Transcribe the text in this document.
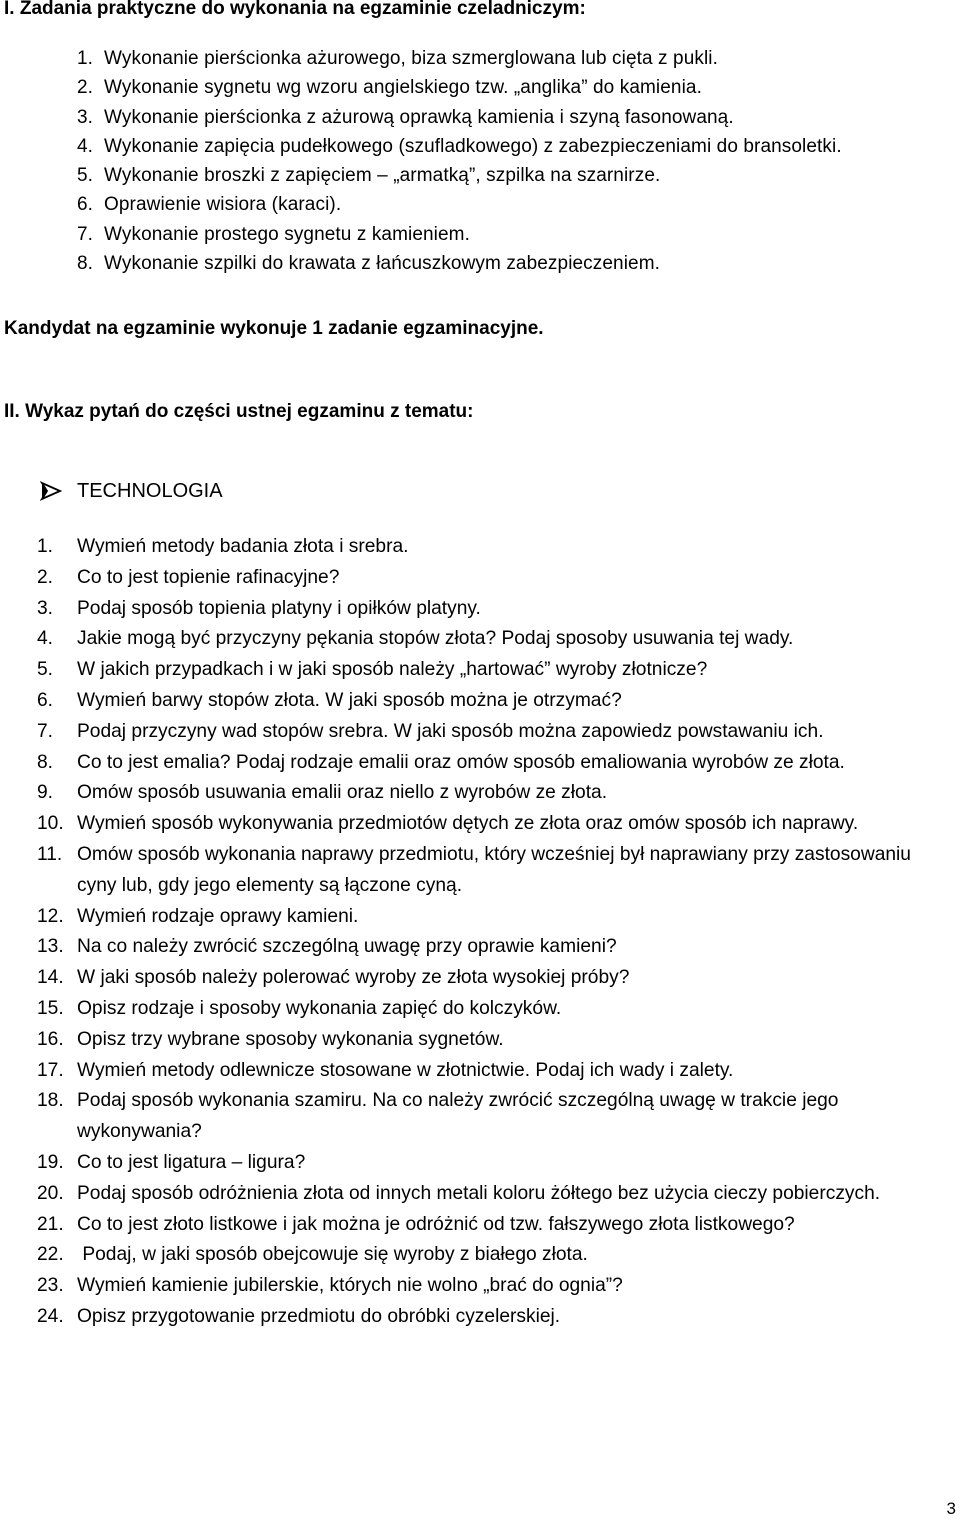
I. Zadania praktyczne do wykonania na egzaminie czeladniczym:
1. Wykonanie pierścionka ażurowego, biza szmerglowana lub cięta z pukli.
2. Wykonanie sygnetu wg wzoru angielskiego tzw. „anglika” do kamienia.
3. Wykonanie pierścionka z ażurową oprawką kamienia i szyną fasonowaną.
4. Wykonanie zapięcia pudełkowego (szufladkowego) z zabezpieczeniami do bransoletki.
5. Wykonanie broszki z zapięciem – „armatką”, szpilka na szarnirze.
6. Oprawienie wisiora (karaci).
7. Wykonanie prostego sygnetu z kamieniem.
8. Wykonanie szpilki do krawata z łańcuszkowym zabezpieczeniem.
Kandydat na egzaminie wykonuje 1 zadanie egzaminacyjne.
II. Wykaz pytań do części ustnej egzaminu z tematu:
TECHNOLOGIA
1. Wymień metody badania złota i srebra.
2. Co to jest topienie rafinacyjne?
3. Podaj sposób topienia platyny i opiłków platyny.
4. Jakie mogą być przyczyny pękania stopów złota? Podaj sposoby usuwania tej wady.
5. W jakich przypadkach i w jaki sposób należy „hartować” wyroby złotnicze?
6. Wymień barwy stopów złota. W jaki sposób można je otrzymać?
7. Podaj przyczyny wad stopów srebra. W jaki sposób można zapowiedz powstawaniu ich.
8. Co to jest emalia? Podaj rodzaje emalii oraz omów sposób emaliowania wyrobów ze złota.
9. Omów sposób usuwania emalii oraz niello z wyrobów ze złota.
10. Wymień sposób wykonywania przedmiotów dętych ze złota oraz omów sposób ich naprawy.
11. Omów sposób wykonania naprawy przedmiotu, który wcześniej był naprawiany przy zastosowaniu cyny lub, gdy jego elementy są łączone cyną.
12. Wymień rodzaje oprawy kamieni.
13. Na co należy zwrócić szczególną uwagę przy oprawie kamieni?
14. W jaki sposób należy polerować wyroby ze złota wysokiej próby?
15. Opisz rodzaje i sposoby wykonania zapięć do kolczyków.
16. Opisz trzy wybrane sposoby wykonania sygnetów.
17. Wymień metody odlewnicze stosowane w złotnictwie. Podaj ich wady i zalety.
18. Podaj sposób wykonania szamiru. Na co należy zwrócić szczególną uwagę w trakcie jego wykonywania?
19. Co to jest ligatura – ligura?
20. Podaj sposób odróżnienia złota od innych metali koloru żółtego bez użycia cieczy pobierczych.
21. Co to jest złoto listkowe i jak można je odróżnić od tzw. fałszywego złota listkowego?
22. Podaj, w jaki sposób obejcowuje się wyroby z białego złota.
23. Wymień kamienie jubilerskie, których nie wolno „brać do ognia”?
24. Opisz przygotowanie przedmiotu do obróbki cyzelerskiej.
3
